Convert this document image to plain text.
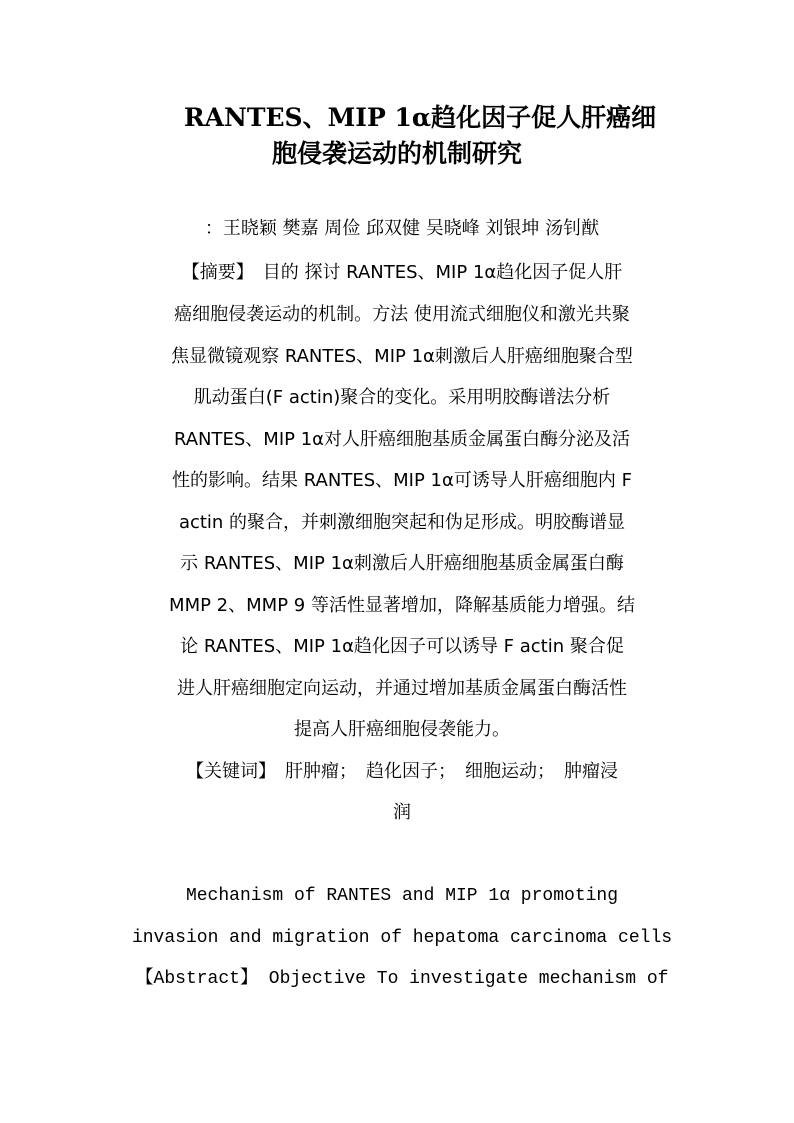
RANTES、MIP 1α趋化因子促人肝癌细
胞侵袭运动的机制研究
：王晓颖 樊嘉 周俭 邱双健 吴晓峰 刘银坤 汤钊猷
【摘要】　目的 探讨 RANTES、MIP 1α趋化因子促人肝
癌细胞侵袭运动的机制。方法 使用流式细胞仪和激光共聚
焦显微镜观察 RANTES、MIP 1α刺激后人肝癌细胞聚合型
肌动蛋白(F actin)聚合的变化。采用明胶酶谱法分析
RANTES、MIP 1α对人肝癌细胞基质金属蛋白酶分泌及活
性的影响。结果 RANTES、MIP 1α可诱导人肝癌细胞内 F
actin 的聚合，并刺激细胞突起和伪足形成。明胶酶谱显
示 RANTES、MIP 1α刺激后人肝癌细胞基质金属蛋白酶
MMP 2、MMP 9 等活性显著增加，降解基质能力增强。结
论 RANTES、MIP 1α趋化因子可以诱导 F actin 聚合促
进人肝癌细胞定向运动，并通过增加基质金属蛋白酶活性
提高人肝癌细胞侵袭能力。
【关键词】　肝肿瘤；　趋化因子；　细胞运动；　肿瘤浸
润
Mechanism of RANTES and MIP 1α promoting
invasion and migration of hepatoma carcinoma cells
【Abstract】 Objective To investigate mechanism of
